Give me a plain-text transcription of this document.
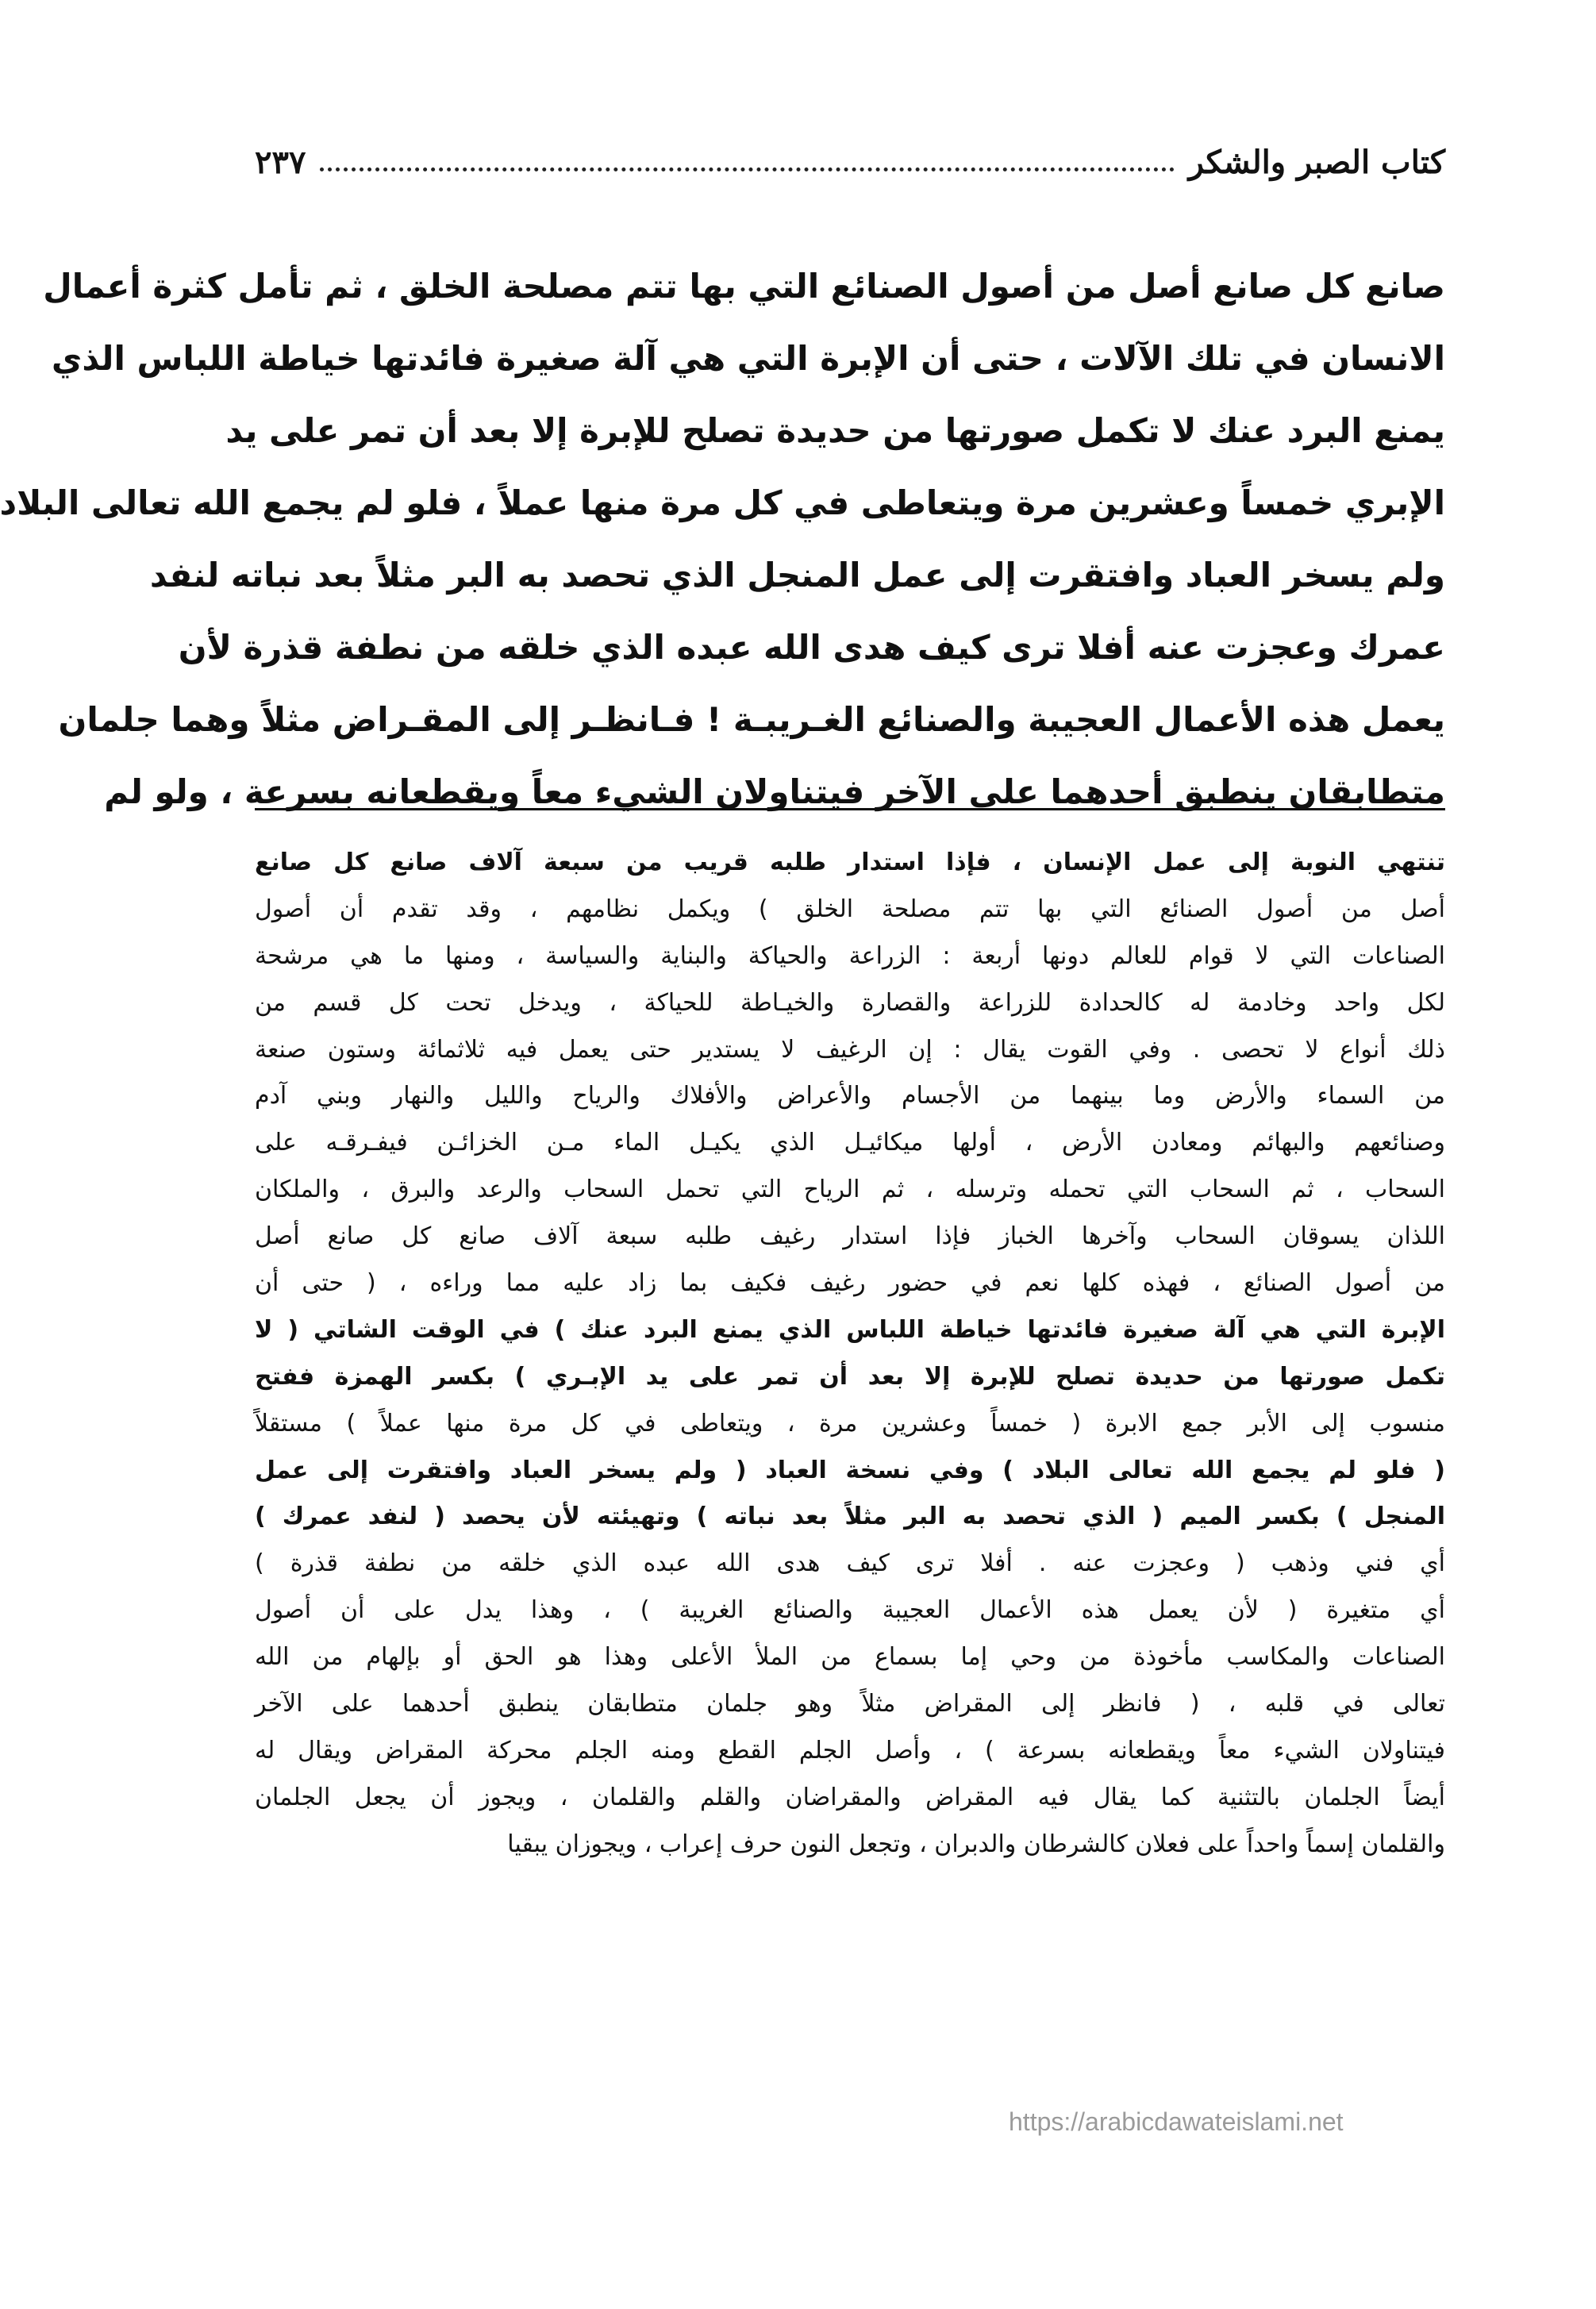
كتاب الصبر والشكر
٢٣٧
صانع كل صانع أصل من أصول الصنائع التي بها تتم مصلحة الخلق ، ثم تأمل كثرة أعمال
الانسان في تلك الآلات ، حتى أن الإبرة التي هي آلة صغيرة فائدتها خياطة اللباس الذي
يمنع البرد عنك لا تكمل صورتها من حديدة تصلح للإبرة إلا بعد أن تمر على يد
الإبري خمساً وعشرين مرة ويتعاطى في كل مرة منها عملاً ، فلو لم يجمع الله تعالى البلاد
ولم يسخر العباد وافتقرت إلى عمل المنجل الذي تحصد به البر مثلاً بعد نباته لنفد
عمرك وعجزت عنه أفلا ترى كيف هدى الله عبده الذي خلقه من نطفة قذرة لأن
يعمل هذه الأعمال العجيبة والصنائع الغـريبـة ! فـانظـر إلى المقـراض مثلاً وهما جلمان
متطابقان ينطبق أحدهما على الآخر فيتناولان الشيء معاً ويقطعانه بسرعة ، ولو لم
تنتهي النوبة إلى عمل الإنسان ، فإذا استدار طلبه قريب من سبعة آلاف صانع كل صانع
أصل من أصول الصنائع التي بها تتم مصلحة الخلق ) ويكمل نظامهم ، وقد تقدم أن أصول
الصناعات التي لا قوام للعالم دونها أربعة : الزراعة والحياكة والبناية والسياسة ، ومنها ما هي مرشحة
لكل واحد وخادمة له كالحدادة للزراعة والقصارة والخيـاطة للحياكة ، ويدخل تحت كل قسم من
ذلك أنواع لا تحصى . وفي القوت يقال : إن الرغيف لا يستدير حتى يعمل فيه ثلاثمائة وستون صنعة
من السماء والأرض وما بينهما من الأجسام والأعراض والأفلاك والرياح والليل والنهار وبني آدم
وصنائعهم والبهائم ومعادن الأرض ، أولها ميكائيـل الذي يكيـل الماء مـن الخزائـن فيفـرقـه على
السحاب ، ثم السحاب التي تحمله وترسله ، ثم الرياح التي تحمل السحاب والرعد والبرق ، والملكان
اللذان يسوقان السحاب وآخرها الخباز فإذا استدار رغيف طلبه سبعة آلاف صانع كل صانع أصل
من أصول الصنائع ، فهذه كلها نعم في حضور رغيف فكيف بما زاد عليه مما وراءه ، ( حتى أن
الإبرة التي هي آلة صغيرة فائدتها خياطة اللباس الذي يمنع البرد عنك ) في الوقت الشاتي ( لا
تكمل صورتها من حديدة تصلح للإبرة إلا بعد أن تمر على يد الإبـري ) بكسر الهمزة ففتح
منسوب إلى الأبر جمع الابرة ( خمساً وعشرين مرة ، ويتعاطى في كل مرة منها عملاً ) مستقلاً
( فلو لم يجمع الله تعالى البلاد ) وفي نسخة العباد ( ولم يسخر العباد وافتقرت إلى عمل
المنجل ) بكسر الميم ( الذي تحصد به البر مثلاً بعد نباته ) وتهيئته لأن يحصد ( لنفد عمرك )
أي فني وذهب ( وعجزت عنه . أفلا ترى كيف هدى الله عبده الذي خلقه من نطفة قذرة )
أي متغيرة ( لأن يعمل هذه الأعمال العجيبة والصنائع الغريبة ) ، وهذا يدل على أن أصول
الصناعات والمكاسب مأخوذة من وحي إما بسماع من الملأ الأعلى وهذا هو الحق أو بإلهام من الله
تعالى في قلبه ، ( فانظر إلى المقراض مثلاً وهو جلمان متطابقان ينطبق أحدهما على الآخر
فيتناولان الشيء معاً ويقطعانه بسرعة ) ، وأصل الجلم القطع ومنه الجلم محركة المقراض ويقال له
أيضاً الجلمان بالتثنية كما يقال فيه المقراض والمقراضان والقلم والقلمان ، ويجوز أن يجعل الجلمان
والقلمان إسماً واحداً على فعلان كالشرطان والدبران ، وتجعل النون حرف إعراب ، ويجوزان يبقيا
https://arabicdawateislami.net
